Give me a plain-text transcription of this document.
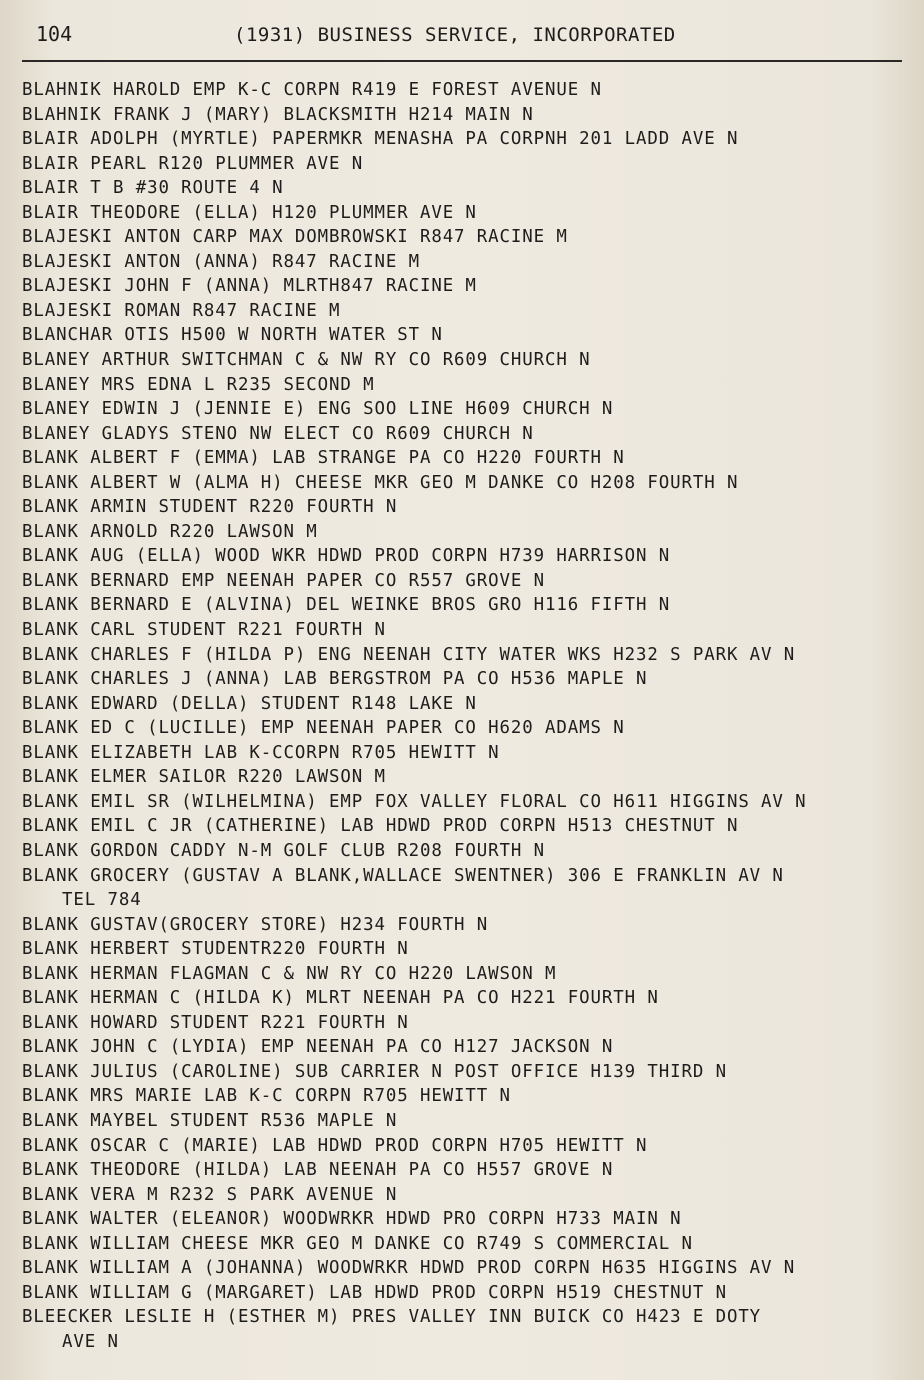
104	(1931) BUSINESS SERVICE, INCORPORATED
BLAHNIK HAROLD EMP K-C CORPN R419 E FOREST AVENUE N
BLAHNIK FRANK J (MARY) BLACKSMITH H214 MAIN N
BLAIR ADOLPH (MYRTLE) PAPERMKR MENASHA PA CORPNH 201 LADD AVE N
BLAIR PEARL R120 PLUMMER AVE N
BLAIR T B #30 ROUTE 4 N
BLAIR THEODORE (ELLA) H120 PLUMMER AVE N
BLAJESKI ANTON CARP MAX DOMBROWSKI R847 RACINE M
BLAJESKI ANTON (ANNA) R847 RACINE M
BLAJESKI JOHN F (ANNA) MLRTH847 RACINE M
BLAJESKI ROMAN R847 RACINE M
BLANCHAR OTIS H500 W NORTH WATER ST N
BLANEY ARTHUR SWITCHMAN C & NW RY CO R609 CHURCH N
BLANEY MRS EDNA L R235 SECOND M
BLANEY EDWIN J (JENNIE E) ENG SOO LINE H609 CHURCH N
BLANEY GLADYS STENO NW ELECT CO R609 CHURCH N
BLANK ALBERT F (EMMA) LAB STRANGE PA CO H220 FOURTH N
BLANK ALBERT W (ALMA H) CHEESE MKR GEO M DANKE CO H208 FOURTH N
BLANK ARMIN STUDENT R220 FOURTH N
BLANK ARNOLD R220 LAWSON M
BLANK AUG (ELLA) WOOD WKR HDWD PROD CORPN H739 HARRISON N
BLANK BERNARD EMP NEENAH PAPER CO R557 GROVE N
BLANK BERNARD E (ALVINA) DEL WEINKE BROS GRO H116 FIFTH N
BLANK CARL STUDENT R221 FOURTH N
BLANK CHARLES F (HILDA P) ENG NEENAH CITY WATER WKS H232 S PARK AV N
BLANK CHARLES J (ANNA) LAB BERGSTROM PA CO H536 MAPLE N
BLANK EDWARD (DELLA) STUDENT R148 LAKE N
BLANK ED C (LUCILLE) EMP NEENAH PAPER CO H620 ADAMS N
BLANK ELIZABETH LAB K-CCORPN R705 HEWITT N
BLANK ELMER SAILOR R220 LAWSON M
BLANK EMIL SR (WILHELMINA) EMP FOX VALLEY FLORAL CO H611 HIGGINS AV N
BLANK EMIL C JR (CATHERINE) LAB HDWD PROD CORPN H513 CHESTNUT N
BLANK GORDON CADDY N-M GOLF CLUB R208 FOURTH N
BLANK GROCERY (GUSTAV A BLANK,WALLACE SWENTNER) 306 E FRANKLIN AV N
TEL 784
BLANK GUSTAV(GROCERY STORE) H234 FOURTH N
BLANK HERBERT STUDENTR220 FOURTH N
BLANK HERMAN FLAGMAN C & NW RY CO H220 LAWSON M
BLANK HERMAN C (HILDA K) MLRT NEENAH PA CO H221 FOURTH N
BLANK HOWARD STUDENT R221 FOURTH N
BLANK JOHN C (LYDIA) EMP NEENAH PA CO H127 JACKSON N
BLANK JULIUS (CAROLINE) SUB CARRIER N POST OFFICE H139 THIRD N
BLANK MRS MARIE LAB K-C CORPN R705 HEWITT N
BLANK MAYBEL STUDENT R536 MAPLE N
BLANK OSCAR C (MARIE) LAB HDWD PROD CORPN H705 HEWITT N
BLANK THEODORE (HILDA) LAB NEENAH PA CO H557 GROVE N
BLANK VERA M R232 S PARK AVENUE N
BLANK WALTER (ELEANOR) WOODWRKR HDWD PRO CORPN H733 MAIN N
BLANK WILLIAM CHEESE MKR GEO M DANKE CO R749 S COMMERCIAL N
BLANK WILLIAM A (JOHANNA) WOODWRKR HDWD PROD CORPN H635 HIGGINS AV N
BLANK WILLIAM G (MARGARET) LAB HDWD PROD CORPN H519 CHESTNUT N
BLEECKER LESLIE H (ESTHER M) PRES VALLEY INN BUICK CO H423 E DOTY
AVE N
